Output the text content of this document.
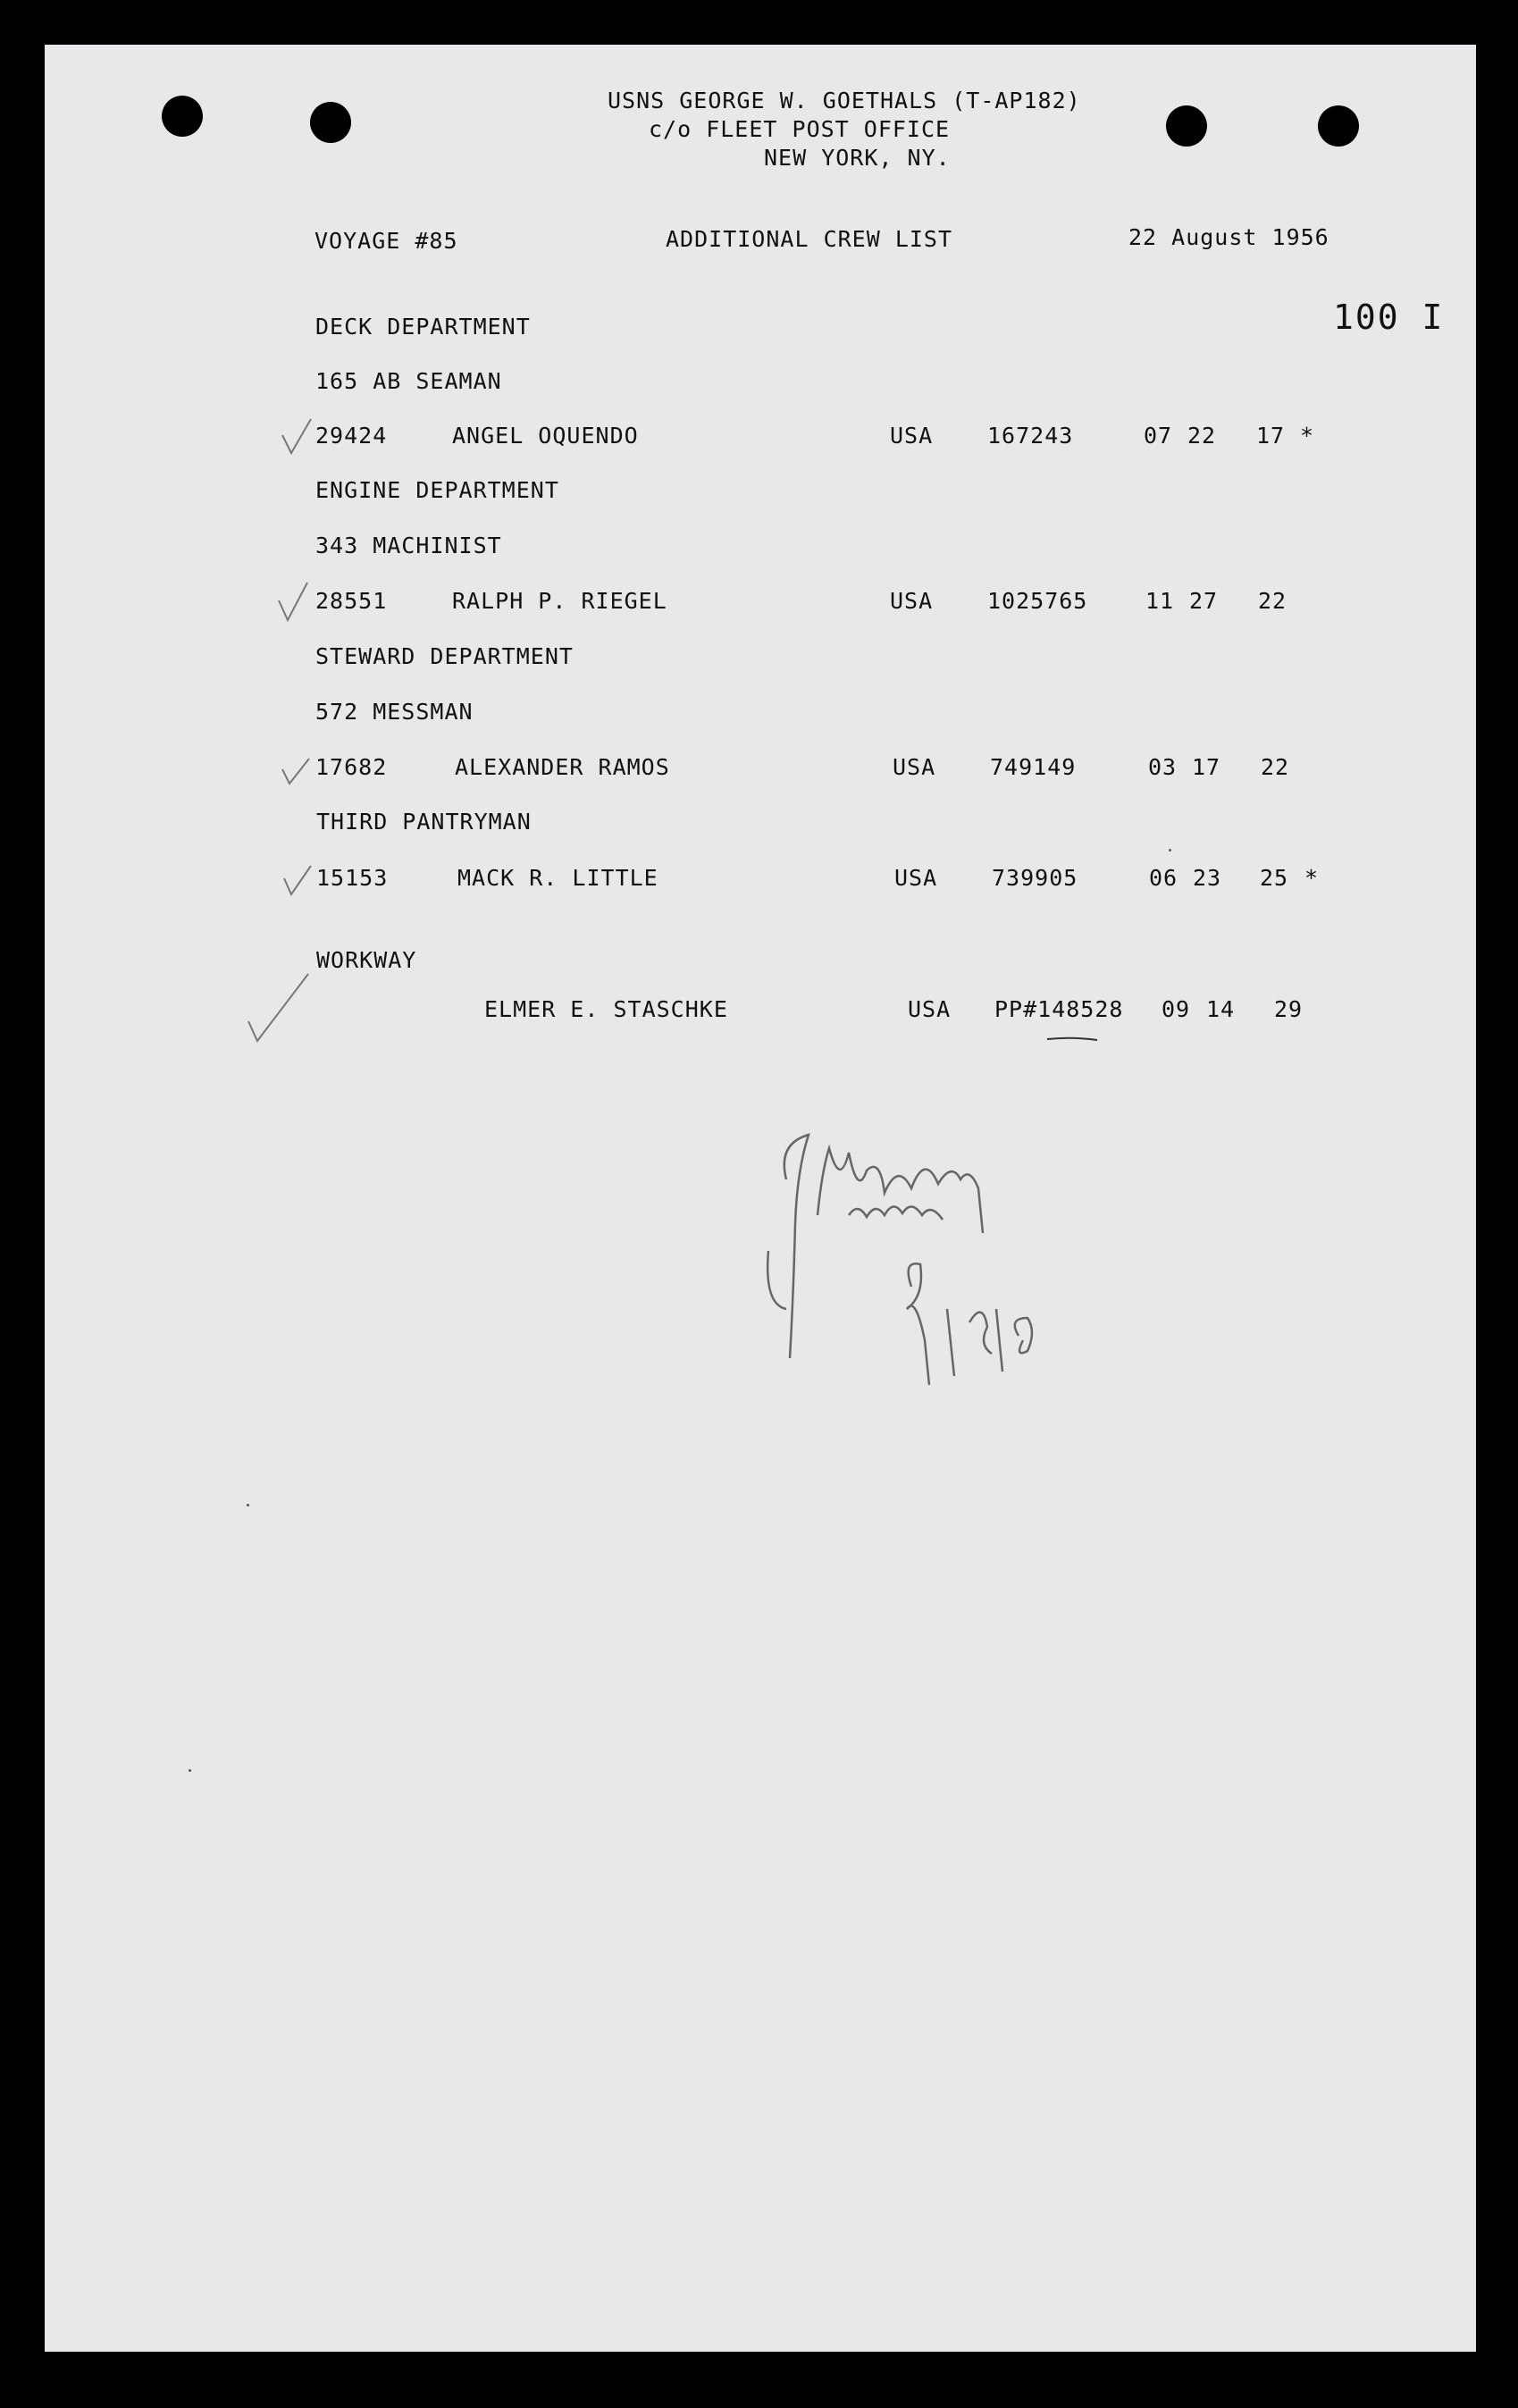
USNS GEORGE W. GOETHALS (T-AP182)
c/o FLEET POST OFFICE
NEW YORK, NY.
VOYAGE #85	ADDITIONAL CREW LIST	22 August 1956
100 I
DECK DEPARTMENT
165 AB SEAMAN
29424	ANGEL OQUENDO	USA 167243	07 22 17 *
ENGINE DEPARTMENT
343 MACHINIST
28551	RALPH P. RIEGEL	USA 1025765	11 27 22
STEWARD DEPARTMENT
572 MESSMAN
17682	ALEXANDER RAMOS	USA 749149	03 17 22
THIRD PANTRYMAN
15153	MACK R. LITTLE	USA 739905	06 23 25 *
WORKWAY
ELMER E. STASCHKE	USA PP#148528 09 14 29
